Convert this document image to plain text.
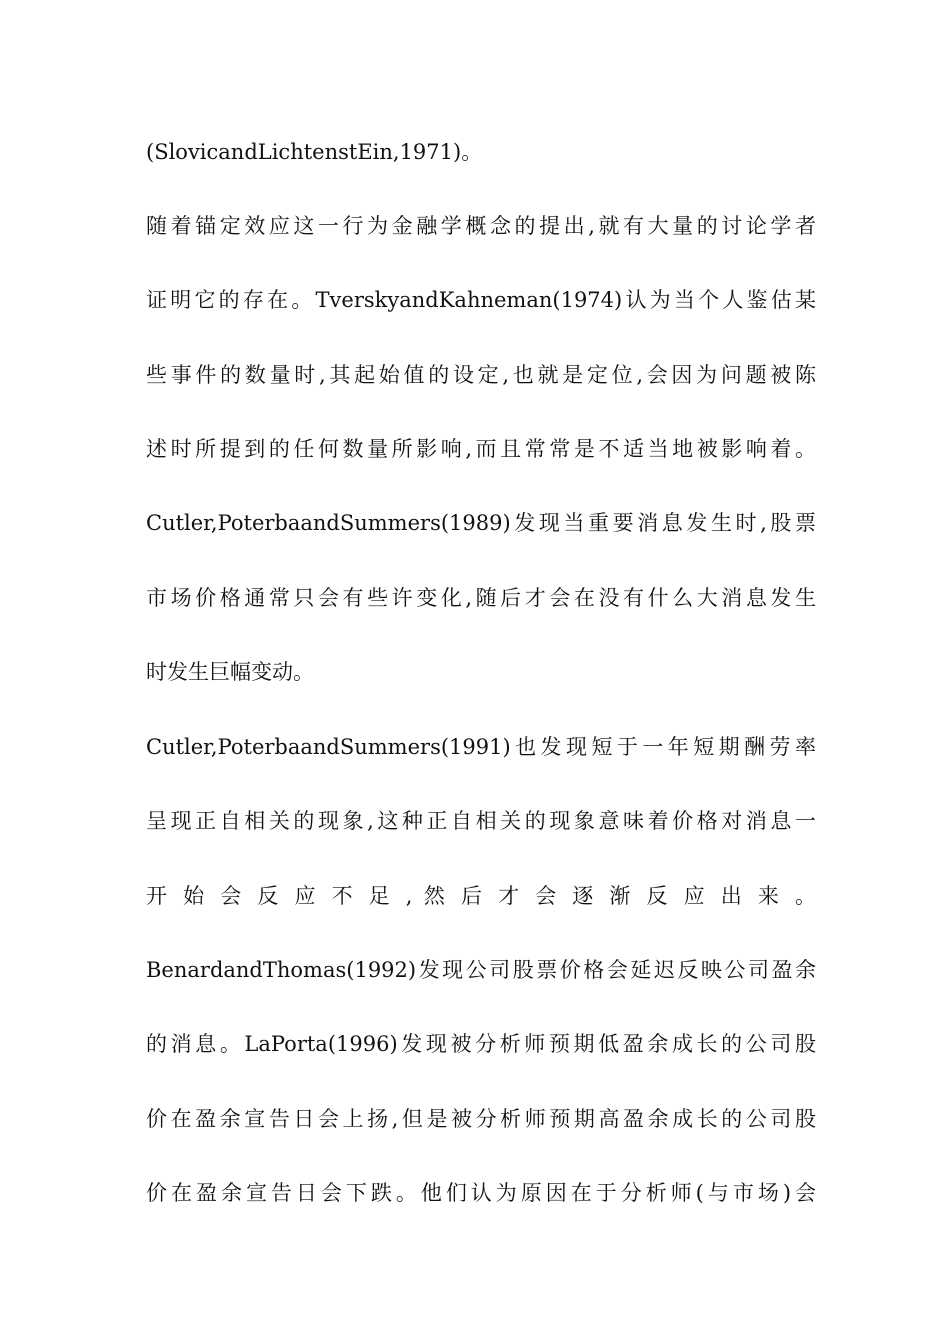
(SlovicandLichtenstEin,1971)。
随着锚定效应这一行为金融学概念的提出,就有大量的讨论学者
证明它的存在。TverskyandKahneman(1974)认为当个人鉴估某
些事件的数量时,其起始值的设定,也就是定位,会因为问题被陈
述时所提到的任何数量所影响,而且常常是不适当地被影响着。
Cutler,PoterbaandSummers(1989)发现当重要消息发生时,股票
市场价格通常只会有些许变化,随后才会在没有什么大消息发生
时发生巨幅变动。
Cutler,PoterbaandSummers(1991)也发现短于一年短期酬劳率
呈现正自相关的现象,这种正自相关的现象意味着价格对消息一
开 始 会 反 应 不 足 , 然 后 才 会 逐 渐 反 应 出 来 。
BenardandThomas(1992)发现公司股票价格会延迟反映公司盈余
的消息。LaPorta(1996)发现被分析师预期低盈余成长的公司股
价在盈余宣告日会上扬,但是被分析师预期高盈余成长的公司股
价在盈余宣告日会下跌。他们认为原因在于分析师(与市场)会
